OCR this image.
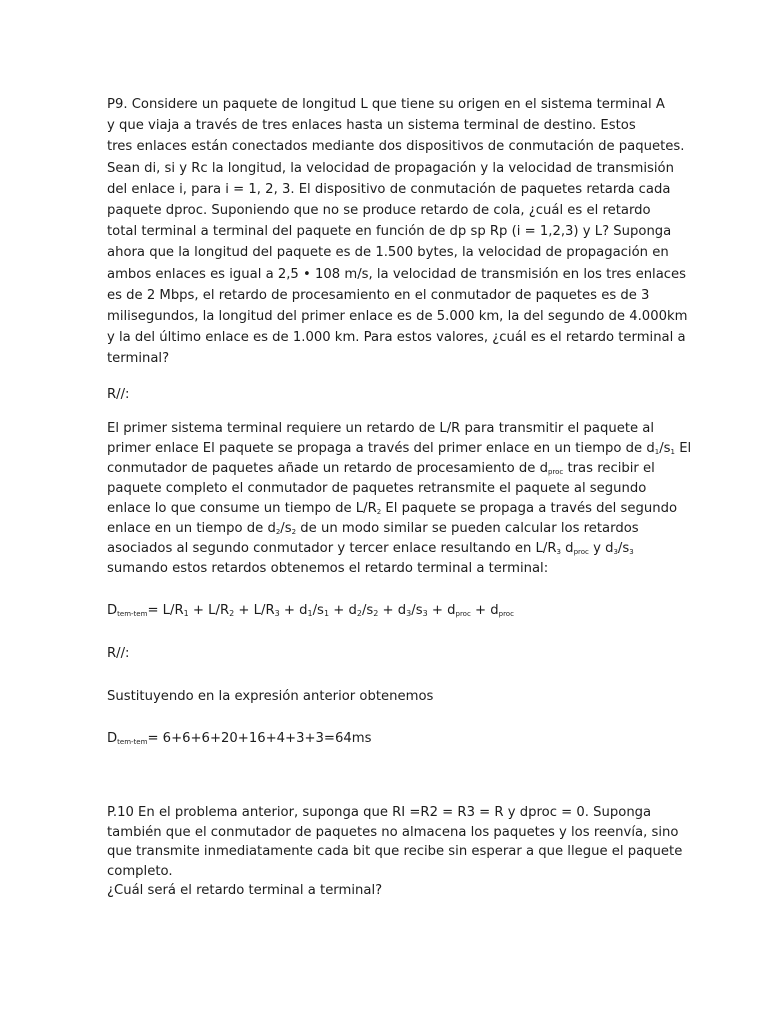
P9. Considere un paquete de longitud L que tiene su origen en el sistema terminal A
y que viaja a través de tres enlaces hasta un sistema terminal de destino. Estos
tres enlaces están conectados mediante dos dispositivos de conmutación de paquetes.
Sean di, si y Rc la longitud, la velocidad de propagación y la velocidad de transmisión
del enlace i, para i = 1, 2, 3. El dispositivo de conmutación de paquetes retarda cada
paquete dproc. Suponiendo que no se produce retardo de cola, ¿cuál es el retardo
total terminal a terminal del paquete en función de dp sp Rp (i = 1,2,3) y L? Suponga
ahora que la longitud del paquete es de 1.500 bytes, la velocidad de propagación en
ambos enlaces es igual a 2,5 • 108 m/s, la velocidad de transmisión en los tres enlaces
es de 2 Mbps, el retardo de procesamiento en el conmutador de paquetes es de 3
milisegundos, la longitud del primer enlace es de 5.000 km, la del segundo de 4.000km
y la del último enlace es de 1.000 km. Para estos valores, ¿cuál es el retardo terminal a
terminal?
R//:
El primer sistema terminal requiere un retardo de L/R para transmitir el paquete al
primer enlace El paquete se propaga a través del primer enlace en un tiempo de $d_1/s_1$ El
conmutador de paquetes añade un retardo de procesamiento de $d_{proc}$ tras recibir el
paquete completo el conmutador de paquetes retransmite el paquete al segundo
enlace lo que consume un tiempo de $L/R_2$ El paquete se propaga a través del segundo
enlace en un tiempo de $d_2/s_2$ de un modo similar se pueden calcular los retardos
asociados al segundo conmutador y tercer enlace resultando en $L/R_3$ $d_{proc}$ y $d_3/s_3$
sumando estos retardos obtenemos el retardo terminal a terminal:
$D_{tem-tem}= L/R_1 + L/R_2 + L/R_3 + d_1/s_1 + d_2/s_2 + d_3/s_3 + d_{proc} + d_{proc}$
R//:
Sustituyendo en la expresión anterior obtenemos
$D_{tem-tem}= 6+6+6+20+16+4+3+3=64ms$
P.10 En el problema anterior, suponga que RI =R2 = R3 = R y dproc = 0. Suponga
también que el conmutador de paquetes no almacena los paquetes y los reenvía, sino
que transmite inmediatamente cada bit que recibe sin esperar a que llegue el paquete
completo.
¿Cuál será el retardo terminal a terminal?
